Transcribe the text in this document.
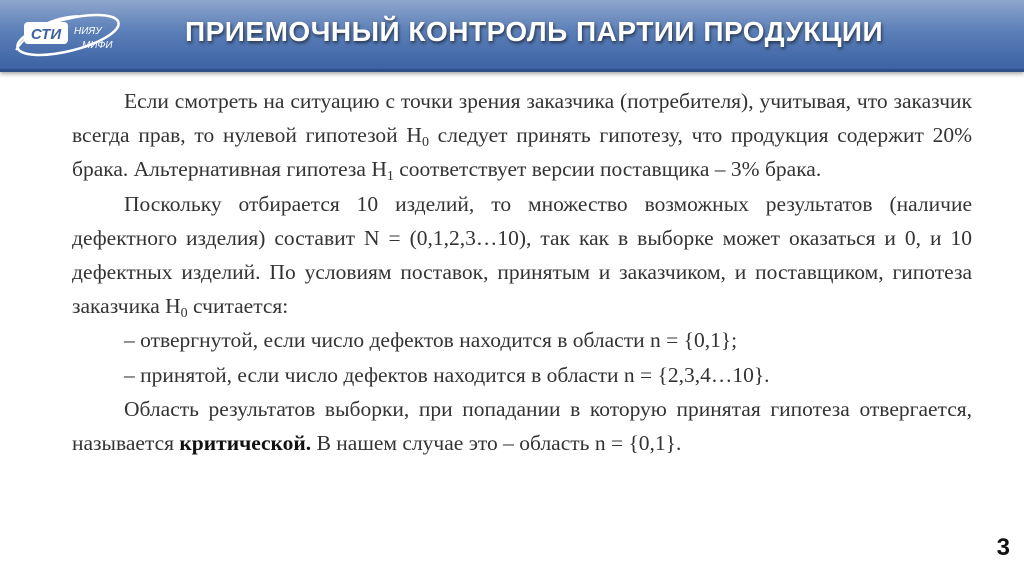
СТИ НИЯУ
МИФИ	ПРИЕМОЧНЫЙ КОНТРОЛЬ ПАРТИИ ПРОДУКЦИИ

Если смотреть на ситуацию с точки зрения заказчика (потребителя), учитывая, что заказчик всегда прав, то нулевой гипотезой $H_0$ следует принять гипотезу, что продукция содержит 20% брака. Альтернативная гипотеза $H_1$ соответствует версии поставщика – 3% брака.

Поскольку отбирается 10 изделий, то множество возможных результатов (наличие дефектного изделия) составит N = (0,1,2,3…10), так как в выборке может оказаться и 0, и 10 дефектных изделий. По условиям поставок, принятым и заказчиком, и поставщиком, гипотеза заказчика $H_0$ считается:

– отвергнутой, если число дефектов находится в области n = {0,1};

– принятой, если число дефектов находится в области n = {2,3,4…10}.

Область результатов выборки, при попадании в которую принятая гипотеза отвергается, называется критической. В нашем случае это – область n = {0,1}.

3
